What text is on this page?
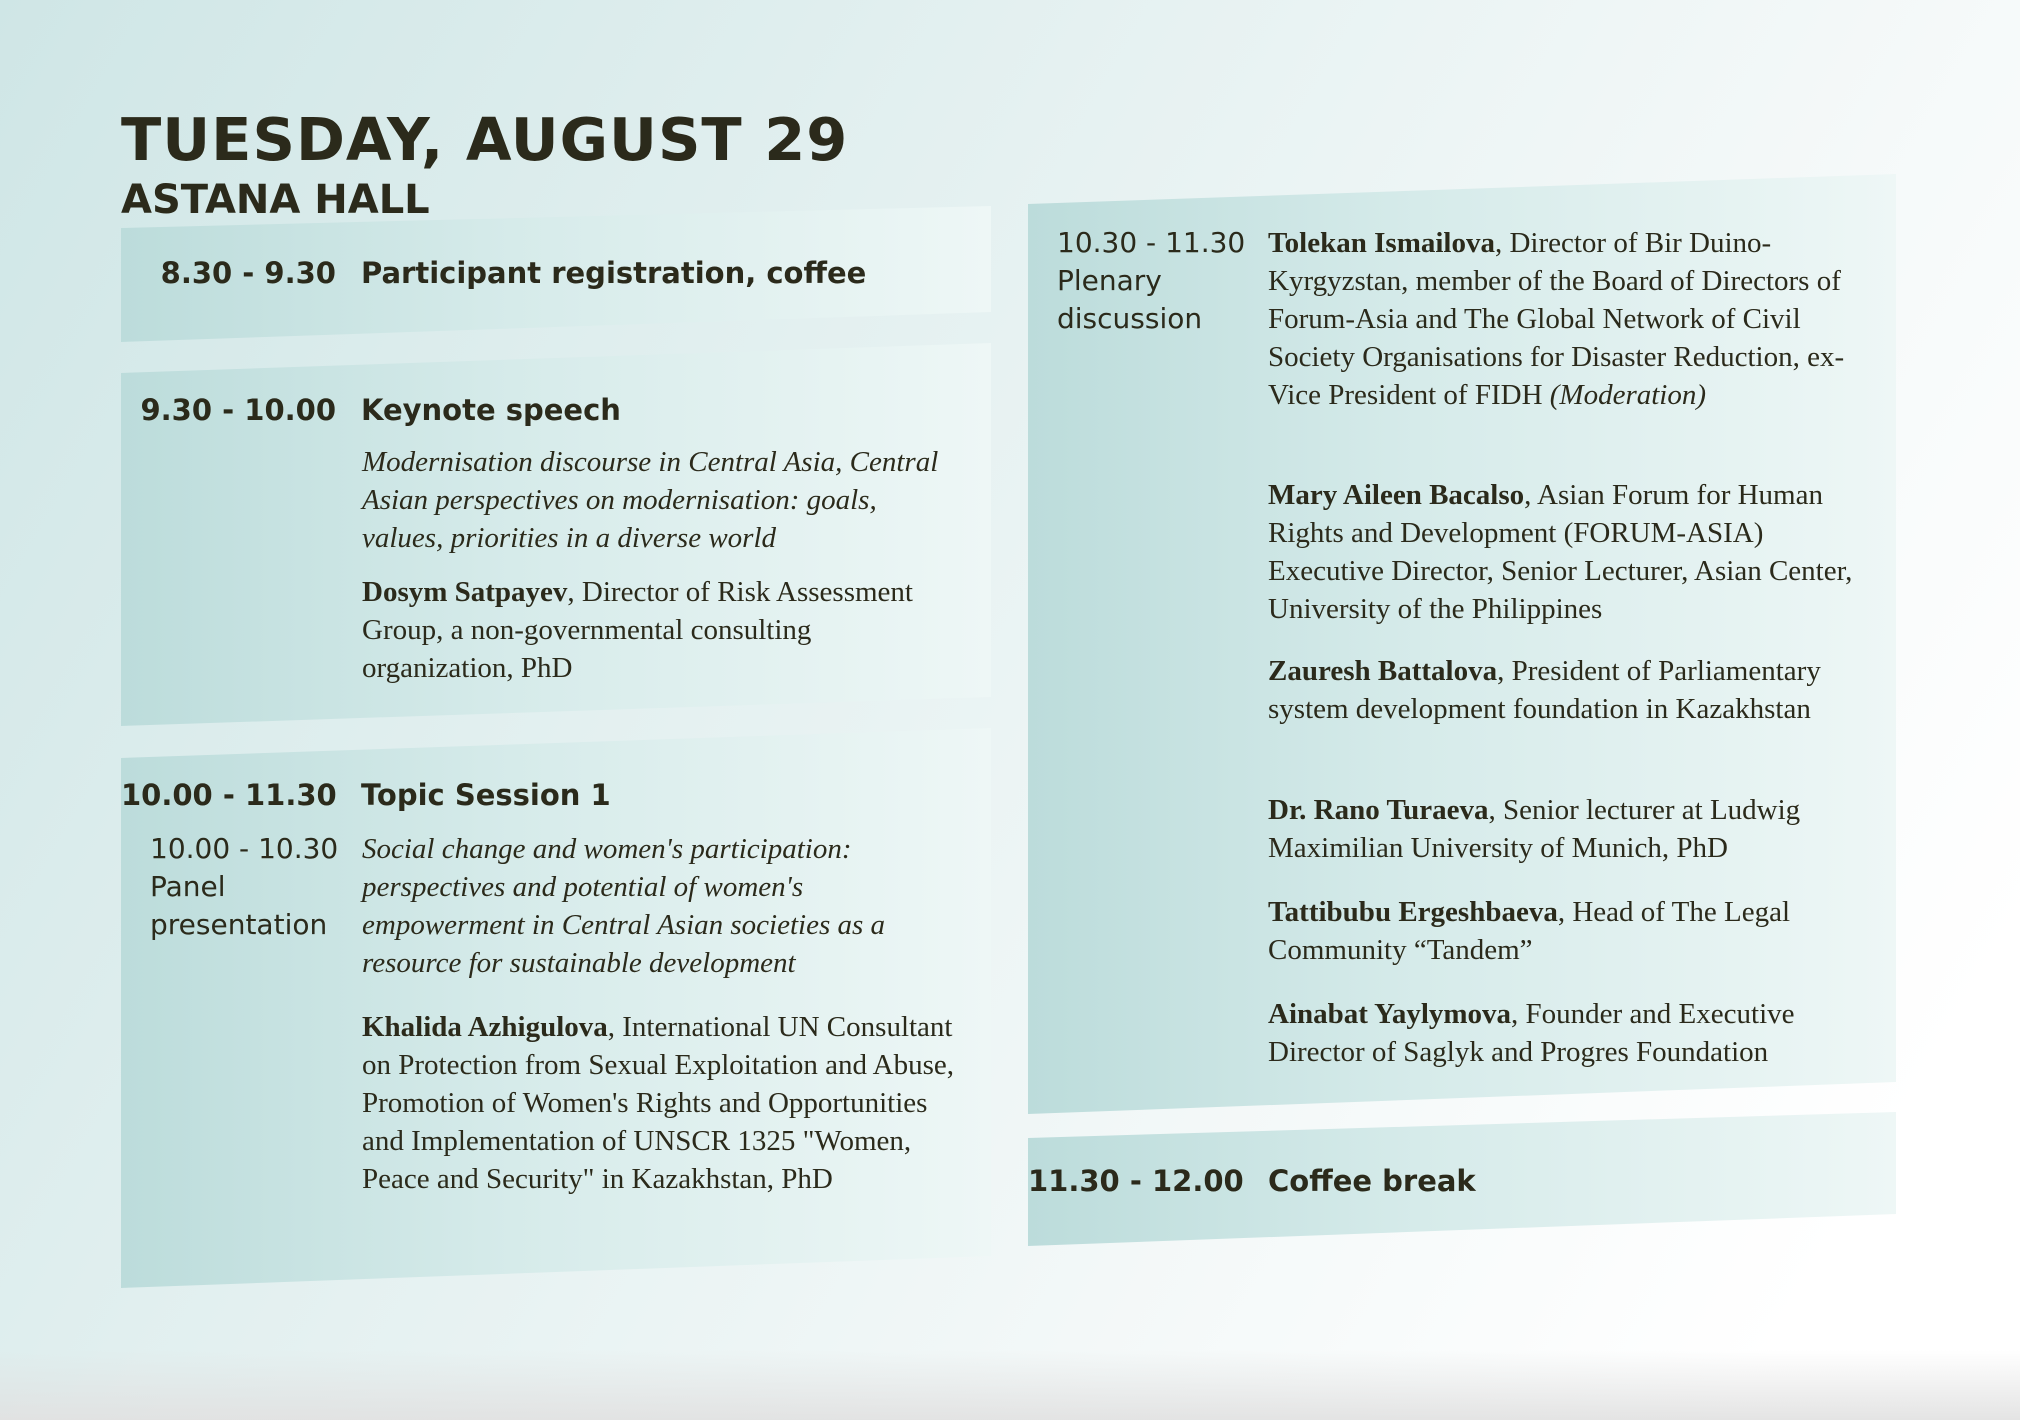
TUESDAY, AUGUST 29
ASTANA HALL
8.30 - 9.30 Participant registration, coffee
9.30 - 10.00 Keynote speech

Modernisation discourse in Central Asia, Central Asian perspectives on modernisation: goals, values, priorities in a diverse world

Dosym Satpayev, Director of Risk Assessment Group, a non-governmental consulting organization, PhD

10.00 - 11.30 Topic Session 1
10.00 - 10.30
Panel
presentation

Social change and women's participation: perspectives and potential of women's empowerment in Central Asian societies as a resource for sustainable development

Khalida Azhigulova, International UN Consultant on Protection from Sexual Exploitation and Abuse, Promotion of Women's Rights and Opportunities and Implementation of UNSCR 1325 "Women, Peace and Security" in Kazakhstan, PhD

10.30 - 11.30
Plenary
discussion

Tolekan Ismailova, Director of Bir Duino-Kyrgyzstan, member of the Board of Directors of Forum-Asia and The Global Network of Civil Society Organisations for Disaster Reduction, ex-Vice President of FIDH (Moderation)

Mary Aileen Bacalso, Asian Forum for Human Rights and Development (FORUM-ASIA) Executive Director, Senior Lecturer, Asian Center, University of the Philippines

Zauresh Battalova, President of Parliamentary system development foundation in Kazakhstan

Dr. Rano Turaeva, Senior lecturer at Ludwig Maximilian University of Munich, PhD

Tattibubu Ergeshbaeva, Head of The Legal Community “Tandem”

Ainabat Yaylymova, Founder and Executive Director of Saglyk and Progres Foundation

11.30 - 12.00 Coffee break
